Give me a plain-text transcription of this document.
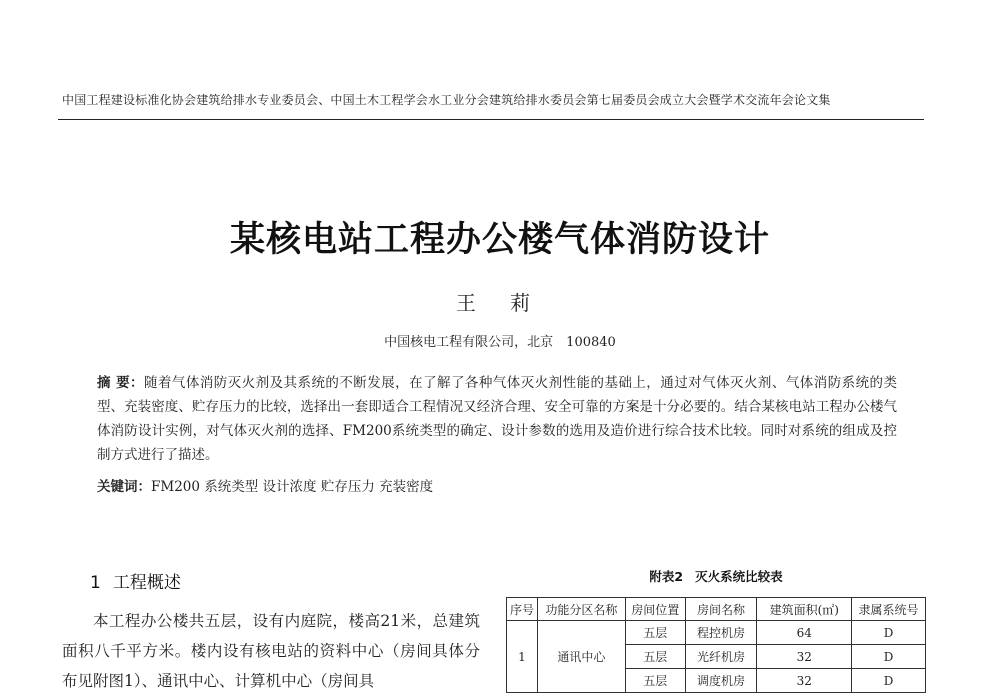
中国工程建设标准化协会建筑给排水专业委员会、中国土木工程学会水工业分会建筑给排水委员会第七届委员会成立大会暨学术交流年会论文集
某核电站工程办公楼气体消防设计
王 莉
中国核电工程有限公司，北京　100840
摘 要：随着气体消防灭火剂及其系统的不断发展，在了解了各种气体灭火剂性能的基础上，通过对气体灭火剂、气体消防系统的类型、充装密度、贮存压力的比较，选择出一套即适合工程情况又经济合理、安全可靠的方案是十分必要的。结合某核电站工程办公楼气体消防设计实例，对气体灭火剂的选择、FM200系统类型的确定、设计参数的选用及造价进行综合技术比较。同时对系统的组成及控制方式进行了描述。
关键词：FM200 系统类型 设计浓度 贮存压力 充装密度
1 工程概述

本工程办公楼共五层，设有内庭院，楼高21米，总建筑面积八千平方米。楼内设有核电站的资料中心（房间具体分布见附图1）、通讯中心、计算机中心（房间具

附表2 灭火系统比较表
序号	功能分区名称	房间位置	房间名称	建筑面积(㎡)	隶属系统号
1	通讯中心	五层	程控机房	64	D
		五层	光纤机房	32	D
		五层	调度机房	32	D
